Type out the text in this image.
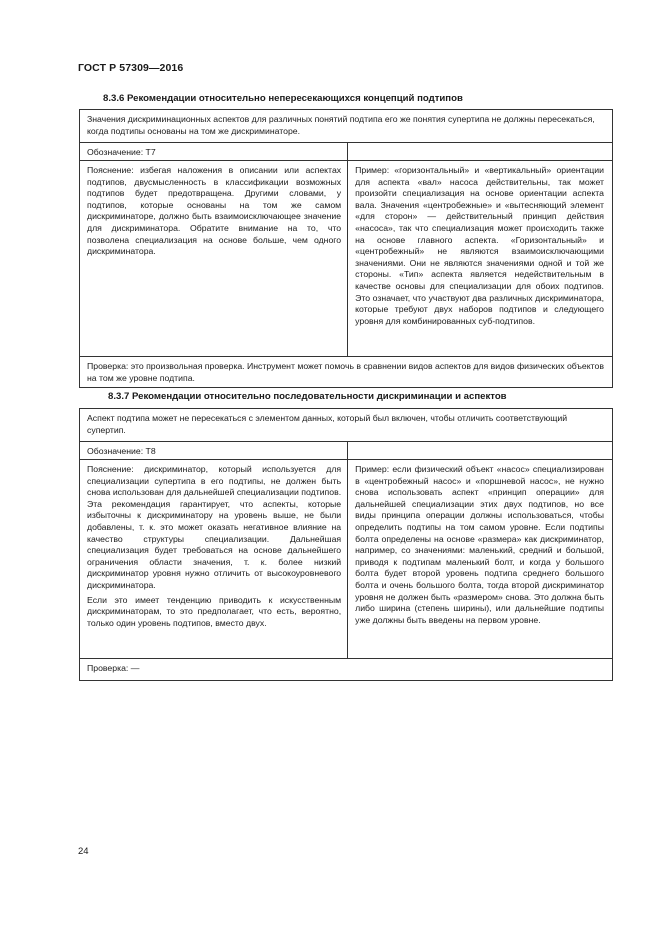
ГОСТ Р 57309—2016
8.3.6 Рекомендации относительно непересекающихся концепций подтипов
Значения дискриминационных аспектов для различных понятий подтипа его же понятия супертипа не должны пересекаться, когда подтипы основаны на том же дискриминаторе.
Обозначение: Т7
Пояснение: избегая наложения в описании или аспектах подтипов, двусмысленность в классификации возможных подтипов будет предотвращена. Другими словами, у подтипов, которые основаны на том же самом дискриминаторе, должно быть взаимоисключающее значение для дискриминатора. Обратите внимание на то, что позволена специализация на основе больше, чем одного дискриминатора.
Пример: «горизонтальный» и «вертикальный» ориентации для аспекта «вал» насоса действительны, так может произойти специализация на основе ориентации аспекта вала. Значения «центробежные» и «вытесняющий элемент «для сторон» — действительный принцип действия «насоса», так что специализация может происходить также на основе главного аспекта. «Горизонтальный» и «центробежный» не являются взаимоисключающими значениями. Они не являются значениями одной и той же стороны. «Тип» аспекта является недействительным в качестве основы для специализации для обоих подтипов. Это означает, что участвуют два различных дискриминатора, которые требуют двух наборов подтипов и следующего уровня для комбинированных суб-подтипов.
Проверка: это произвольная проверка. Инструмент может помочь в сравнении видов аспектов для видов физических объектов на том же уровне подтипа.
8.3.7 Рекомендации относительно последовательности дискриминации и аспектов
Аспект подтипа может не пересекаться с элементом данных, который был включен, чтобы отличить соответствующий супертип.
Обозначение: Т8
Пояснение: дискриминатор, который используется для специализации супертипа в его подтипы, не должен быть снова использован для дальнейшей специализации подтипов. Эта рекомендация гарантирует, что аспекты, которые избыточны к дискриминатору на уровень выше, не были добавлены, т. к. это может оказать негативное влияние на качество структуры специализации. Дальнейшая специализация будет требоваться на основе дальнейшего ограничения области значения, т. к. более низкий дискриминатор уровня нужно отличить от высокоуровневого дискриминатора.
Если это имеет тенденцию приводить к искусственным дискриминаторам, то это предполагает, что есть, вероятно, только один уровень подтипов, вместо двух.
Пример: если физический объект «насос» специализирован в «центробежный насос» и «поршневой насос», не нужно снова использовать аспект «принцип операции» для дальнейшей специализации этих двух подтипов, но все виды принципа операции должны использоваться, чтобы определить подтипы на том самом уровне. Если подтипы болта определены на основе «размера» как дискриминатор, например, со значениями: маленький, средний и большой, приводя к подтипам маленький болт, и когда у большого болта будет второй уровень подтипа среднего большого болта и очень большого болта, тогда второй дискриминатор уровня не должен быть «размером» снова. Это должна быть либо ширина (степень ширины), или дальнейшие подтипы уже должны быть введены на первом уровне.
Проверка: —
24
